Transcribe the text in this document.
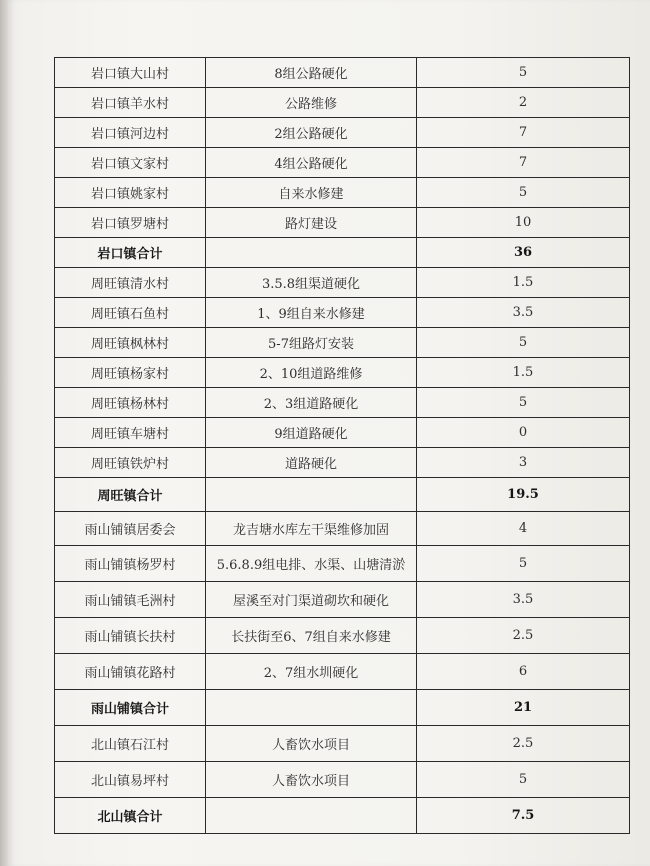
岩口镇大山村	8组公路硬化	5
岩口镇羊水村	公路维修	2
岩口镇河边村	2组公路硬化	7
岩口镇文家村	4组公路硬化	7
岩口镇姚家村	自来水修建	5
岩口镇罗塘村	路灯建设	10
岩口镇合计		36
周旺镇清水村	3.5.8组渠道硬化	1.5
周旺镇石鱼村	1、9组自来水修建	3.5
周旺镇枫林村	5-7组路灯安装	5
周旺镇杨家村	2、10组道路维修	1.5
周旺镇杨林村	2、3组道路硬化	5
周旺镇车塘村	9组道路硬化	0
周旺镇铁炉村	道路硬化	3
周旺镇合计		19.5
雨山铺镇居委会	龙吉塘水库左干渠维修加固	4
雨山铺镇杨罗村	5.6.8.9组电排、水渠、山塘清淤	5
雨山铺镇毛洲村	屋溪至对门渠道砌坎和硬化	3.5
雨山铺镇长扶村	长扶街至6、7组自来水修建	2.5
雨山铺镇花路村	2、7组水圳硬化	6
雨山铺镇合计		21
北山镇石江村	人畜饮水项目	2.5
北山镇易坪村	人畜饮水项目	5
北山镇合计		7.5
